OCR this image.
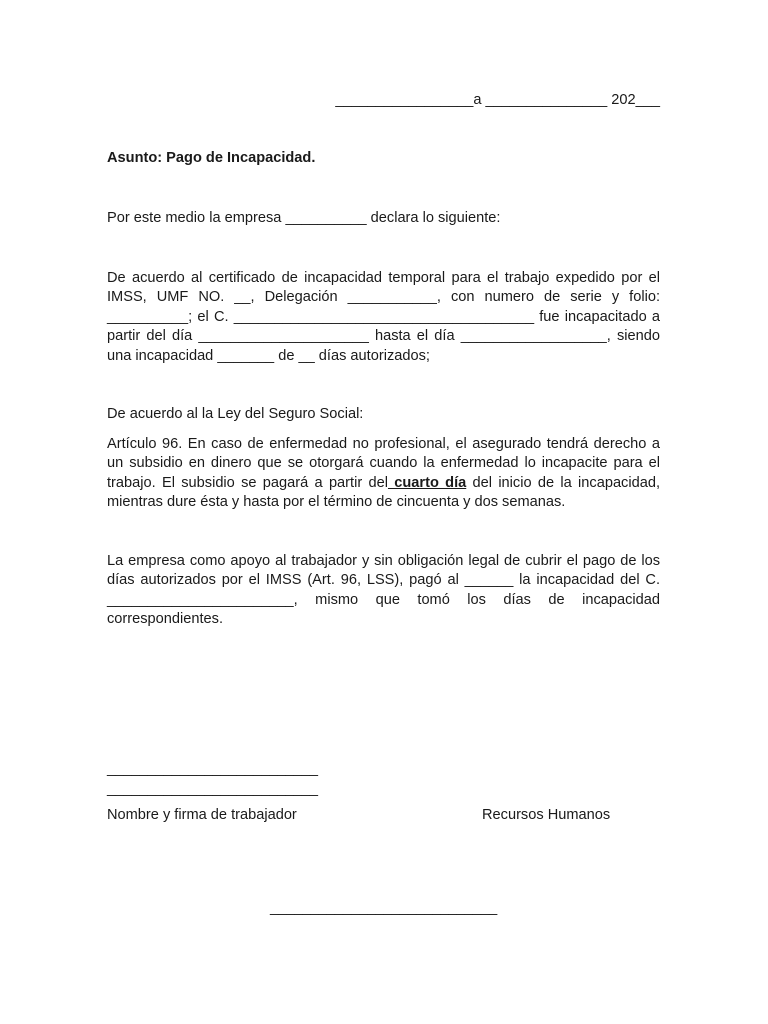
_________________a _______________ 202___
Asunto: Pago de Incapacidad.
Por este medio la empresa __________ declara lo siguiente:
De acuerdo al certificado de incapacidad temporal para el trabajo expedido por el IMSS, UMF NO. __, Delegación ___________, con numero de serie y folio: __________; el C. _____________________________________ fue incapacitado a partir del día _____________________ hasta el día __________________, siendo una incapacidad _______ de __ días autorizados;
De acuerdo al la Ley del Seguro Social:
Artículo 96. En caso de enfermedad no profesional, el asegurado tendrá derecho a un subsidio en dinero que se otorgará cuando la enfermedad lo incapacite para el trabajo. El subsidio se pagará a partir del cuarto día del inicio de la incapacidad, mientras dure ésta y hasta por el término de cincuenta y dos semanas.
La empresa como apoyo al trabajador y sin obligación legal de cubrir el pago de los días autorizados por el IMSS (Art. 96, LSS), pagó al ______ la incapacidad del C. _______________________, mismo que tomó los días de incapacidad correspondientes.
__________________________
__________________________
Nombre y firma de trabajador	Recursos Humanos
____________________________
